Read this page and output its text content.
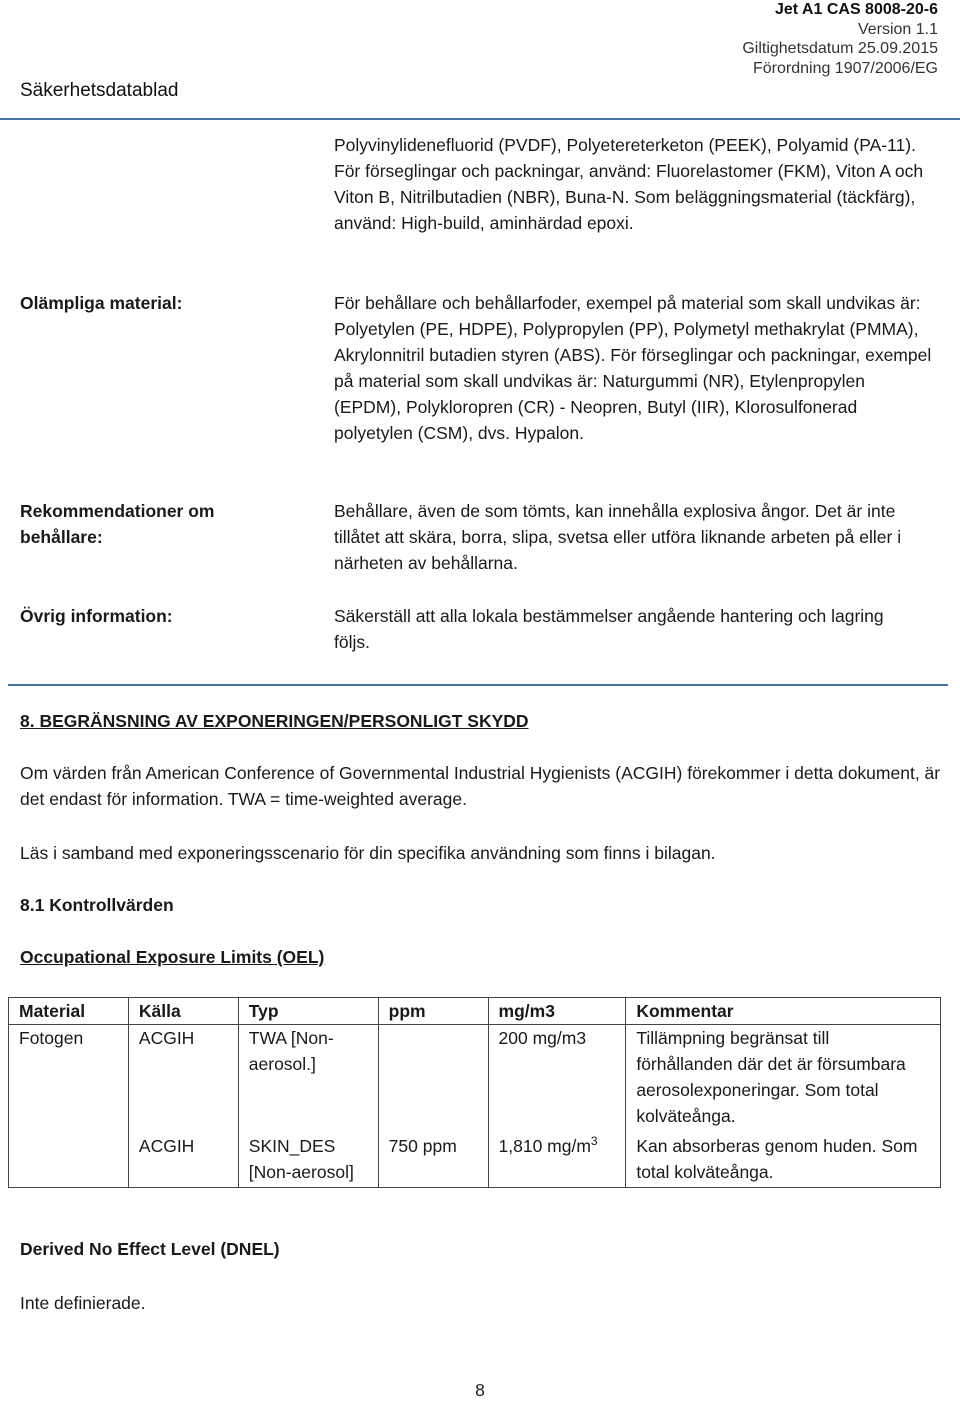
Jet A1 CAS 8008-20-6
Version 1.1
Giltighetsdatum 25.09.2015
Förordning 1907/2006/EG
Säkerhetsdatablad
Polyvinylidenefluorid (PVDF), Polyetereterketon (PEEK), Polyamid (PA-11). För förseglingar och packningar, använd: Fluorelastomer (FKM), Viton A och Viton B, Nitrilbutadien (NBR), Buna-N. Som beläggningsmaterial (täckfärg), använd: High-build, aminhärdad epoxi.
Olämpliga material:	För behållare och behållarfoder, exempel på material som skall undvikas är: Polyetylen (PE, HDPE), Polypropylen (PP), Polymetyl methakrylat (PMMA), Akrylonnitril butadien styren (ABS). För förseglingar och packningar, exempel på material som skall undvikas är: Naturgummi (NR), Etylenpropylen (EPDM), Polykloropren (CR) - Neopren, Butyl (IIR), Klorosulfonerad polyetylen (CSM), dvs. Hypalon.
Rekommendationer om behållare:
Behållare, även de som tömts, kan innehålla explosiva ångor. Det är inte tillåtet att skära, borra, slipa, svetsa eller utföra liknande arbeten på eller i närheten av behållarna.
Övrig information:	Säkerställ att alla lokala bestämmelser angående hantering och lagring följs.
8. BEGRÄNSNING AV EXPONERINGEN/PERSONLIGT SKYDD
Om värden från American Conference of Governmental Industrial Hygienists (ACGIH) förekommer i detta dokument, är det endast för information. TWA = time-weighted average.
Läs i samband med exponeringsscenario för din specifika användning som finns i bilagan.
8.1 Kontrollvärden
Occupational Exposure Limits (OEL)
Material	Källa	Typ	ppm	mg/m3	Kommentar
Fotogen	ACGIH	TWA [Non-aerosol.]		200 mg/m3	Tillämpning begränsat till förhållanden där det är försumbara aerosolexponeringar. Som total kolväteånga.
	ACGIH	SKIN_DES [Non-aerosol]	750 ppm	1,810 $mg/m^3$	Kan absorberas genom huden. Som total kolväteånga.
Derived No Effect Level (DNEL)
Inte definierade.
8
